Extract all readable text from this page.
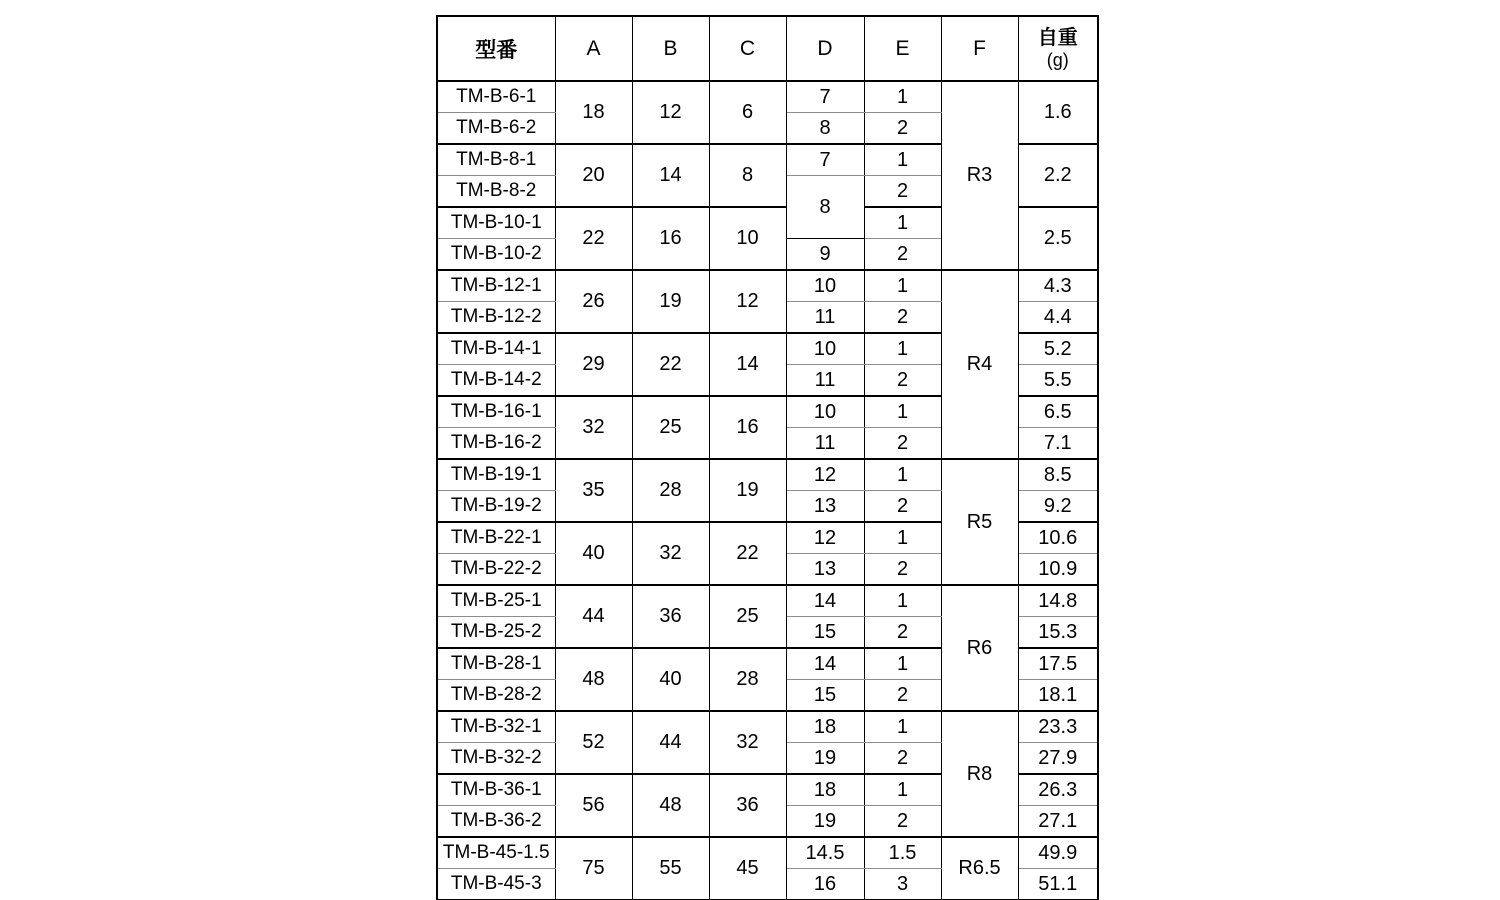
型番	A	B	C	D	E	F	自重
(g)

TM-B-6-1	18	12	6	7	1	R3	1.6
TM-B-6-2				8	2		
TM-B-8-1	20	14	8	7	1		2.2
TM-B-8-2				8	2		
TM-B-10-1	22	16	10		1		2.5
TM-B-10-2				9	2		
TM-B-12-1	26	19	12	10	1	R4	4.3
TM-B-12-2				11	2		4.4
TM-B-14-1	29	22	14	10	1		5.2
TM-B-14-2				11	2		5.5
TM-B-16-1	32	25	16	10	1		6.5
TM-B-16-2				11	2		7.1
TM-B-19-1	35	28	19	12	1	R5	8.5
TM-B-19-2				13	2		9.2
TM-B-22-1	40	32	22	12	1		10.6
TM-B-22-2				13	2		10.9
TM-B-25-1	44	36	25	14	1	R6	14.8
TM-B-25-2				15	2		15.3
TM-B-28-1	48	40	28	14	1		17.5
TM-B-28-2				15	2		18.1
TM-B-32-1	52	44	32	18	1	R8	23.3
TM-B-32-2				19	2		27.9
TM-B-36-1	56	48	36	18	1		26.3
TM-B-36-2				19	2		27.1
TM-B-45-1.5	75	55	45	14.5	1.5	R6.5	49.9
TM-B-45-3				16	3		51.1
